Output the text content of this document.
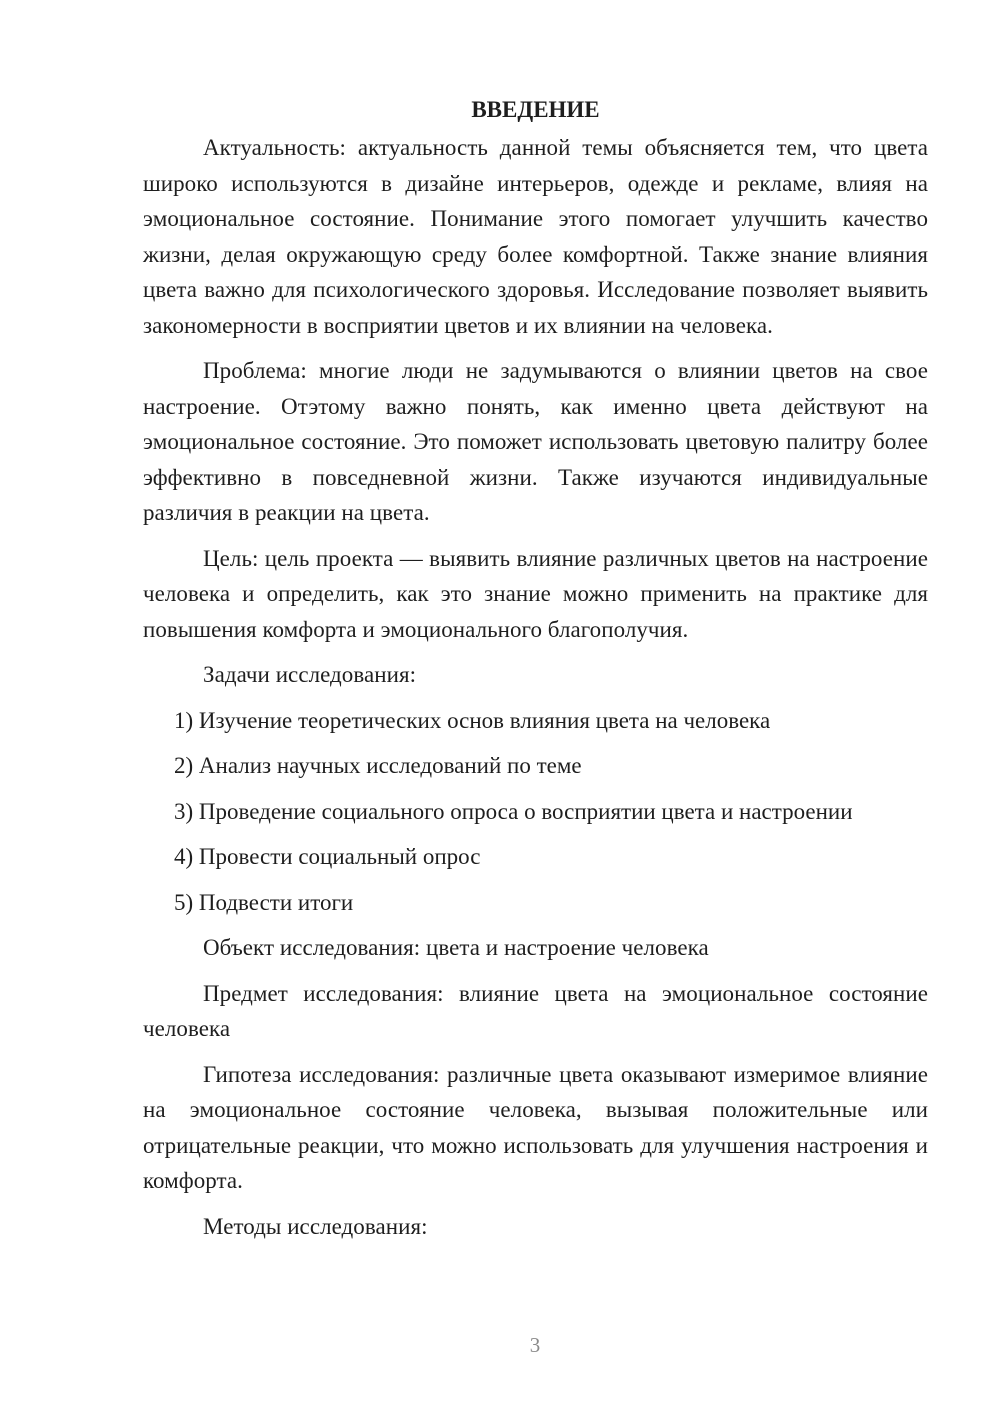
ВВЕДЕНИЕ

Актуальность: актуальность данной темы объясняется тем, что цвета широко используются в дизайне интерьеров, одежде и рекламе, влияя на эмоциональное состояние. Понимание этого помогает улучшить качество жизни, делая окружающую среду более комфортной. Также знание влияния цвета важно для психологического здоровья. Исследование позволяет выявить закономерности в восприятии цветов и их влиянии на человека.

Проблема: многие люди не задумываются о влиянии цветов на свое настроение. Отэтому важно понять, как именно цвета действуют на эмоциональное состояние. Это поможет использовать цветовую палитру более эффективно в повседневной жизни. Также изучаются индивидуальные различия в реакции на цвета.

Цель: цель проекта — выявить влияние различных цветов на настроение человека и определить, как это знание можно применить на практике для повышения комфорта и эмоционального благополучия.

Задачи исследования:

1) Изучение теоретических основ влияния цвета на человека
2) Анализ научных исследований по теме
3) Проведение социального опроса о восприятии цвета и настроении
4) Провести социальный опрос
5) Подвести итоги

Объект исследования: цвета и настроение человека

Предмет исследования: влияние цвета на эмоциональное состояние человека

Гипотеза исследования: различные цвета оказывают измеримое влияние на эмоциональное состояние человека, вызывая положительные или отрицательные реакции, что можно использовать для улучшения настроения и комфорта.

Методы исследования:

3
